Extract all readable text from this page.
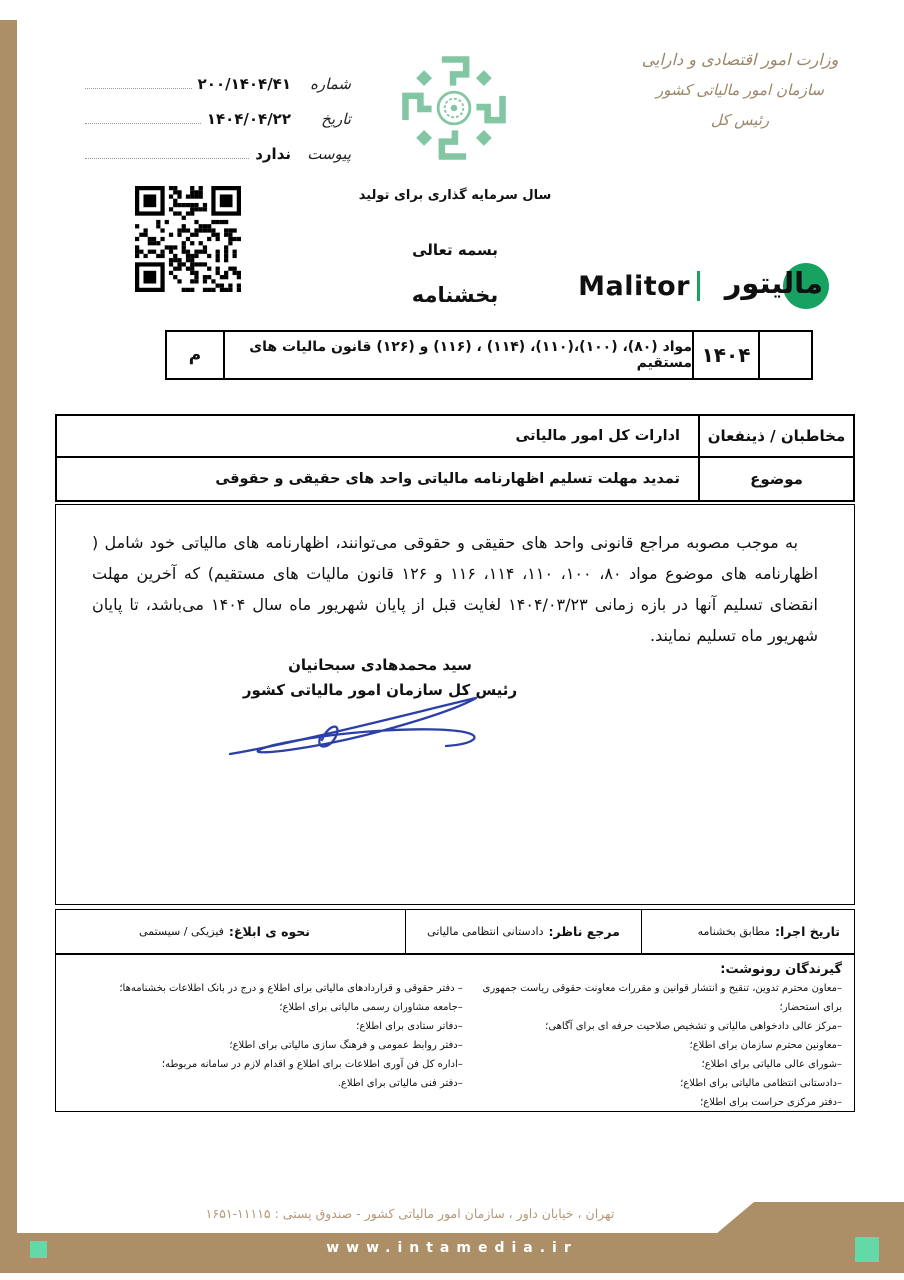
وزارت امور اقتصادی و دارایی
سازمان امور مالیاتی کشور
رئیس کل
سال سرمایه گذاری برای تولید
شماره
۲۰۰/۱۴۰۴/۴۱
تاریخ
۱۴۰۴/۰۴/۲۲
پیوست
ندارد
بسمه تعالی
بخشنامه	Malitor مالیتور
۱۴۰۴
مواد (۸۰)، (۱۰۰)،(۱۱۰)، (۱۱۴) ، (۱۱۶) و (۱۲۶) قانون مالیات های مستقیم
م
مخاطبان / ذینفعان
ادارات کل امور مالیاتی
موضوع
تمدید مهلت تسلیم اظهارنامه مالیاتی واحد های حقیقی و حقوقی
به موجب مصوبه مراجع قانونی واحد های حقیقی و حقوقی می‌توانند، اظهارنامه های مالیاتی خود شامل ( اظهارنامه های موضوع مواد ۸۰، ۱۰۰، ۱۱۰، ۱۱۴، ۱۱۶ و ۱۲۶ قانون مالیات های مستقیم) که آخرین مهلت انقضای تسلیم آنها در بازه زمانی ۱۴۰۴/۰۳/۲۳ لغایت قبل از پایان شهریور ماه سال ۱۴۰۴ می‌باشد، تا پایان شهریور ماه تسلیم نمایند.
سید محمدهادی سبحانیان
رئیس کل سازمان امور مالیاتی کشور
تاریخ اجرا:
مطابق بخشنامه
مرجع ناظر:
دادستانی انتظامی مالیاتی
نحوه ی ابلاغ:
فیزیکی / سیستمی
گیرندگان رونوشت:
–معاون محترم تدوین، تنقیح و انتشار قوانین و مقررات معاونت حقوقی ریاست جمهوری برای استحضار؛
–مرکز عالی دادخواهی مالیاتی و تشخیص صلاحیت حرفه ای برای آگاهی؛
–معاونین محترم سازمان برای اطلاع؛
–شورای عالی مالیاتی برای اطلاع؛
–دادستانی انتظامی مالیاتی برای اطلاع؛
–دفتر مرکزی حراست برای اطلاع؛
– دفتر حقوقی و قراردادهای مالیاتی برای اطلاع و درج در بانک اطلاعات بخشنامه‌ها؛
–جامعه مشاوران رسمی مالیاتی برای اطلاع؛
–دفاتر ستادی برای اطلاع؛
–دفتر روابط عمومی و فرهنگ سازی مالیاتی برای اطلاع؛
–اداره کل فن آوری اطلاعات برای اطلاع و اقدام لازم در سامانه مربوطه؛
–دفتر فنی مالیاتی برای اطلاع.
تهران ، خیابان داور ، سازمان امور مالیاتی کشور - صندوق پستی : ۱۱۱۱۵-۱۶۵۱
www.intamedia.ir
